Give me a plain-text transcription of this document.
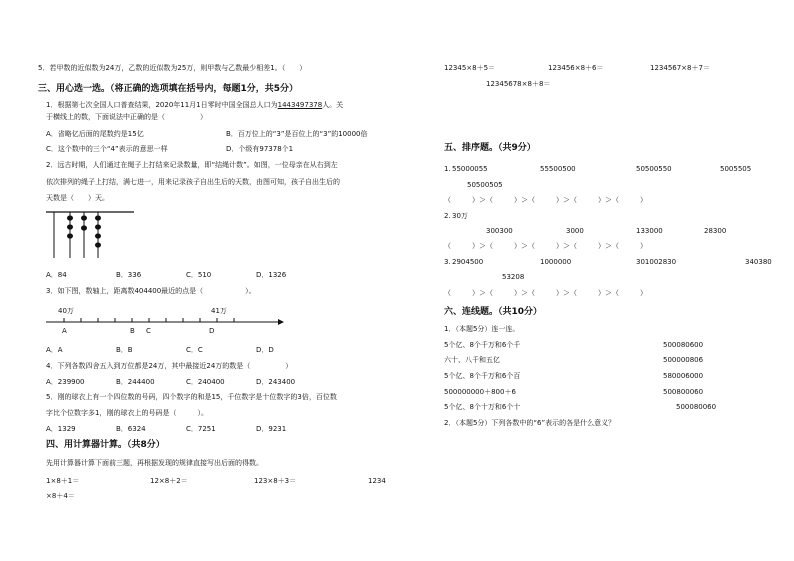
5．若甲数的近似数为24万，乙数的近似数为25万，则甲数与乙数最少相差1。（　　）
三、用心选一选。（将正确的选项填在括号内，每题1分，共5分）
1．根据第七次全国人口普查结果，2020年11月1日零时中国全国总人口为1443497378人。关
于横线上的数，下面说法中正确的是（　　　　　）
A．省略亿后面的尾数约是15亿	B．百万位上的“3”是百位上的“3”的10000倍
C．这个数中的三个“4”表示的意思一样	D．个级有97378个1
2．远古时期，人们通过在绳子上打结来记录数量，即“结绳计数”。如图，一位母亲在从右到左
依次排列的绳子上打结，满七进一，用来记录孩子自出生后的天数，由图可知，孩子自出生后的
天数是（　　）天。
A．84	B．336	C．510	D．1326
3．如下图，数轴上，距离数404400最近的点是（　　　　　　）。
40万	41万
A	B C	D
A．A	B．B	C．C	D．D
4．下列各数四舍五入到万位都是24万，其中最接近24万的数是（　　　　　）
A．239900	B．244400	C．240400	D．243400
5．刚的球衣上有一个四位数的号码，四个数字的和是15，千位数字是十位数字的3倍，百位数
字比个位数字多1，刚的球衣上的号码是（　　　）。
A．1329	B．6324	C．7251	D．9231
四、用计算器计算。（共8分）
先用计算器计算下面前三题，再根据发现的规律直接写出后面的得数。
1×8＋1＝	12×8＋2＝	123×8＋3＝	1234
×8＋4＝
12345×8＋5＝	123456×8＋6＝	1234567×8＋7＝
12345678×8＋8＝
五、排序题。（共9分）
1. 55000055	55500500	50500550	5005505
50500505
（　　　）＞（　　　）＞（　　　）＞（　　　）＞（　　　）
2. 30万
300300	3000	133000	28300
（　　　）＞（　　　）＞（　　　）＞（　　　）＞（　　　）
3. 2904500	1000000	301002830	340380
53208
（　　　）＞（　　　）＞（　　　）＞（　　　）＞（　　　）
六、连线题。（共10分）
1．（本题5分）连一连。
5个亿、8个千万和6个千
六十、八千和五亿
5个亿、8个千万和6个百
500000000＋800＋6
5个亿、8个十万和6个十
500080600
500000806
580006000
500800060
500080060
2．（本题5分）下列各数中的“6”表示的各是什么意义？
